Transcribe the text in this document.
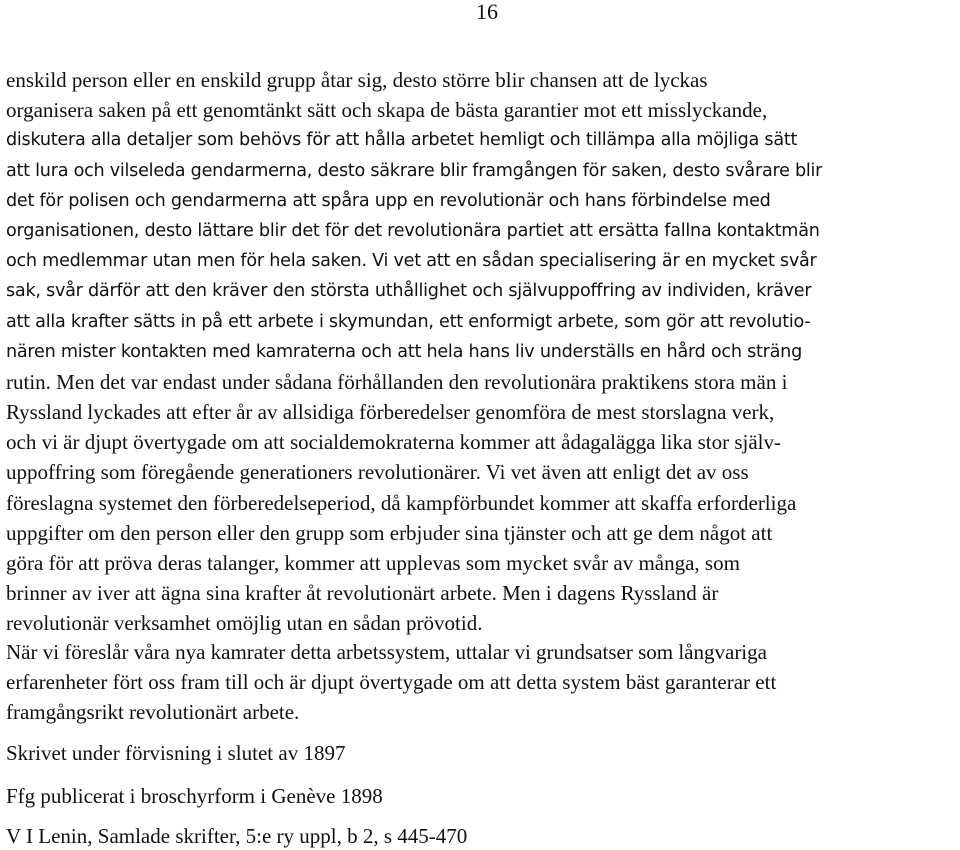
16
enskild person eller en enskild grupp åtar sig, desto större blir chansen att de lyckas
organisera saken på ett genomtänkt sätt och skapa de bästa garantier mot ett misslyckande,
diskutera alla detaljer som behövs för att hålla arbetet hemligt och tillämpa alla möjliga sätt
att lura och vilseleda gendarmerna, desto säkrare blir framgången för saken, desto svårare blir
det för polisen och gendarmerna att spåra upp en revolutionär och hans förbindelse med
organisationen, desto lättare blir det för det revolutionära partiet att ersätta fallna kontaktmän
och medlemmar utan men för hela saken. Vi vet att en sådan specialisering är en mycket svår
sak, svår därför att den kräver den största uthållighet och självuppoffring av individen, kräver
att alla krafter sätts in på ett arbete i skymundan, ett enformigt arbete, som gör att revolutio-
nären mister kontakten med kamraterna och att hela hans liv underställs en hård och sträng
rutin. Men det var endast under sådana förhållanden den revolutionära praktikens stora män i
Ryssland lyckades att efter år av allsidiga förberedelser genomföra de mest storslagna verk,
och vi är djupt övertygade om att socialdemokraterna kommer att ådagalägga lika stor själv-
uppoffring som föregående generationers revolutionärer. Vi vet även att enligt det av oss
föreslagna systemet den förberedelseperiod, då kampförbundet kommer att skaffa erforderliga
uppgifter om den person eller den grupp som erbjuder sina tjänster och att ge dem något att
göra för att pröva deras talanger, kommer att upplevas som mycket svår av många, som
brinner av iver att ägna sina krafter åt revolutionärt arbete. Men i dagens Ryssland är
revolutionär verksamhet omöjlig utan en sådan prövotid.
När vi föreslår våra nya kamrater detta arbetssystem, uttalar vi grundsatser som långvariga
erfarenheter fört oss fram till och är djupt övertygade om att detta system bäst garanterar ett
framgångsrikt revolutionärt arbete.
Skrivet under förvisning i slutet av 1897
Ffg publicerat i broschyrform i Genève 1898
V I Lenin, Samlade skrifter, 5:e ry uppl, b 2, s 445-470
